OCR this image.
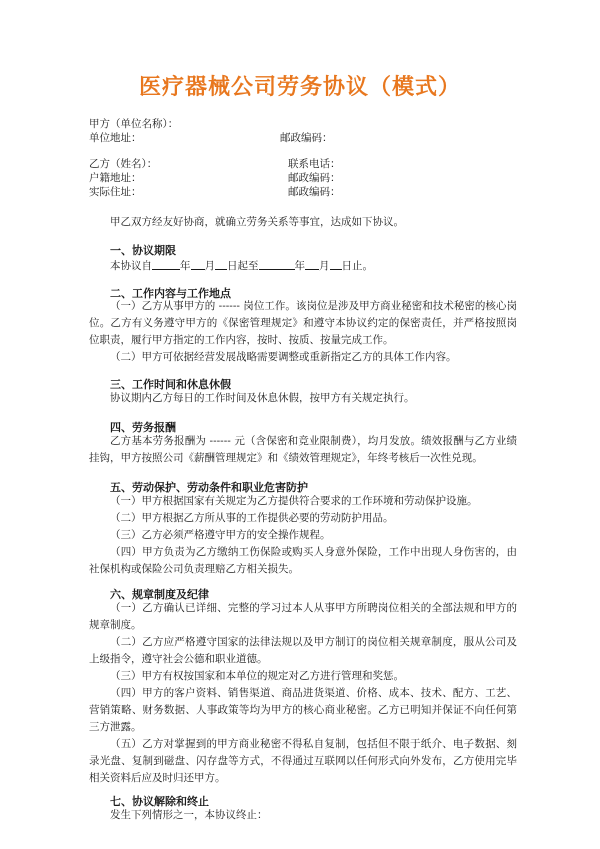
医疗器械公司劳务协议（模式）
甲方（单位名称）：
单位地址：	邮政编码：
乙方（姓名）：	联系电话：
户籍地址：	邮政编码：
实际住址：	邮政编码：
甲乙双方经友好协商，就确立劳务关系等事宜，达成如下协议。
一、协议期限
本协议自	年 月 日起至	年 月 日止。
二、工作内容与工作地点
（一）乙方从事甲方的 ------ 岗位工作。该岗位是涉及甲方商业秘密和技术秘密的核心岗位。乙方有义务遵守甲方的《保密管理规定》和遵守本协议约定的保密责任，并严格按照岗位职责，履行甲方指定的工作内容，按时、按质、按量完成工作。
（二）甲方可依据经营发展战略需要调整或重新指定乙方的具体工作内容。
三、工作时间和休息休假
协议期内乙方每日的工作时间及休息休假，按甲方有关规定执行。
四、劳务报酬
乙方基本劳务报酬为 ------ 元（含保密和竞业限制费），均月发放。绩效报酬与乙方业绩挂钩，甲方按照公司《薪酬管理规定》和《绩效管理规定》，年终考核后一次性兑现。
五、劳动保护、劳动条件和职业危害防护
（一）甲方根据国家有关规定为乙方提供符合要求的工作环境和劳动保护设施。
（二）甲方根据乙方所从事的工作提供必要的劳动防护用品。
（三）乙方必须严格遵守甲方的安全操作规程。
（四）甲方负责为乙方缴纳工伤保险或购买人身意外保险，工作中出现人身伤害的，由社保机构或保险公司负责理赔乙方相关损失。
六、规章制度及纪律
（一）乙方确认已详细、完整的学习过本人从事甲方所聘岗位相关的全部法规和甲方的规章制度。
（二）乙方应严格遵守国家的法律法规以及甲方制订的岗位相关规章制度，服从公司及上级指令，遵守社会公德和职业道德。
（三）甲方有权按国家和本单位的规定对乙方进行管理和奖惩。
（四）甲方的客户资料、销售渠道、商品进货渠道、价格、成本、技术、配方、工艺、营销策略、财务数据、人事政策等均为甲方的核心商业秘密。乙方已明知并保证不向任何第三方泄露。
（五）乙方对掌握到的甲方商业秘密不得私自复制，包括但不限于纸介、电子数据、刻录光盘、复制到磁盘、闪存盘等方式，不得通过互联网以任何形式向外发布，乙方使用完毕相关资料后应及时归还甲方。
七、协议解除和终止
发生下列情形之一，本协议终止：
